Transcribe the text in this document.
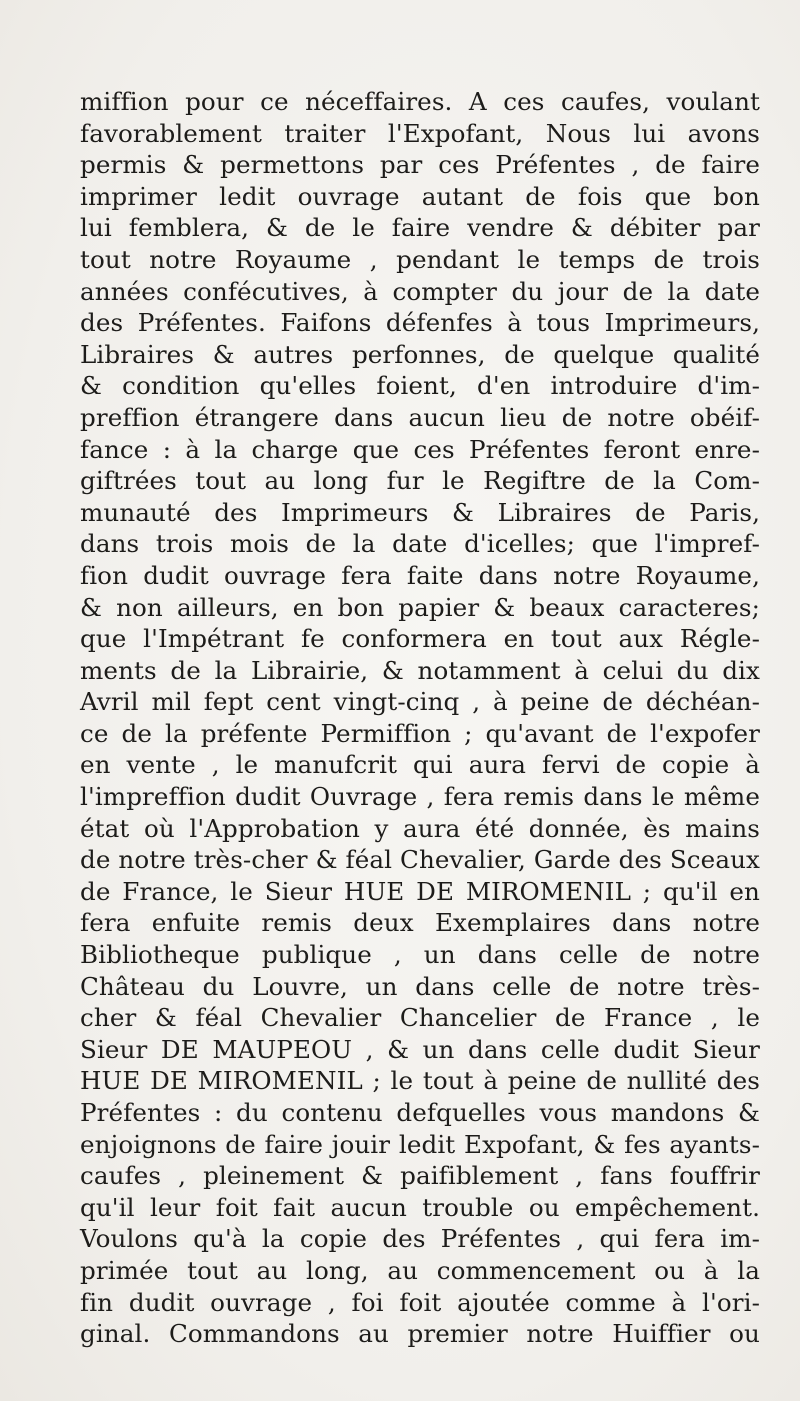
miffion pour ce néceffaires. A ces caufes, voulant
favorablement traiter l'Expofant, Nous lui avons
permis & permettons par ces Préfentes , de faire
imprimer ledit ouvrage autant de fois que bon
lui femblera, & de le faire vendre & débiter par
tout notre Royaume , pendant le temps de trois
années confécutives, à compter du jour de la date
des Préfentes. Faifons défenfes à tous Imprimeurs,
Libraires & autres perfonnes, de quelque qualité
& condition qu'elles foient, d'en introduire d'im-
preffion étrangere dans aucun lieu de notre obéif-
fance : à la charge que ces Préfentes feront enre-
giftrées tout au long fur le Regiftre de la Com-
munauté des Imprimeurs & Libraires de Paris,
dans trois mois de la date d'icelles; que l'impref-
fion dudit ouvrage fera faite dans notre Royaume,
& non ailleurs, en bon papier & beaux caracteres;
que l'Impétrant fe conformera en tout aux Régle-
ments de la Librairie, & notamment à celui du dix
Avril mil fept cent vingt-cinq , à peine de déchéan-
ce de la préfente Permiffion ; qu'avant de l'expofer
en vente , le manufcrit qui aura fervi de copie à
l'impreffion dudit Ouvrage , fera remis dans le même
état où l'Approbation y aura été donnée, ès mains
de notre très-cher & féal Chevalier, Garde des Sceaux
de France, le Sieur HUE DE MIROMENIL ; qu'il en
fera enfuite remis deux Exemplaires dans notre
Bibliotheque publique , un dans celle de notre
Château du Louvre, un dans celle de notre très-
cher & féal Chevalier Chancelier de France , le
Sieur DE MAUPEOU , & un dans celle dudit Sieur
HUE DE MIROMENIL ; le tout à peine de nullité des
Préfentes : du contenu defquelles vous mandons &
enjoignons de faire jouir ledit Expofant, & fes ayants-
caufes , pleinement & paifiblement , fans fouffrir
qu'il leur foit fait aucun trouble ou empêchement.
Voulons qu'à la copie des Préfentes , qui fera im-
primée tout au long, au commencement ou à la
fin dudit ouvrage , foi foit ajoutée comme à l'ori-
ginal. Commandons au premier notre Huiffier ou
